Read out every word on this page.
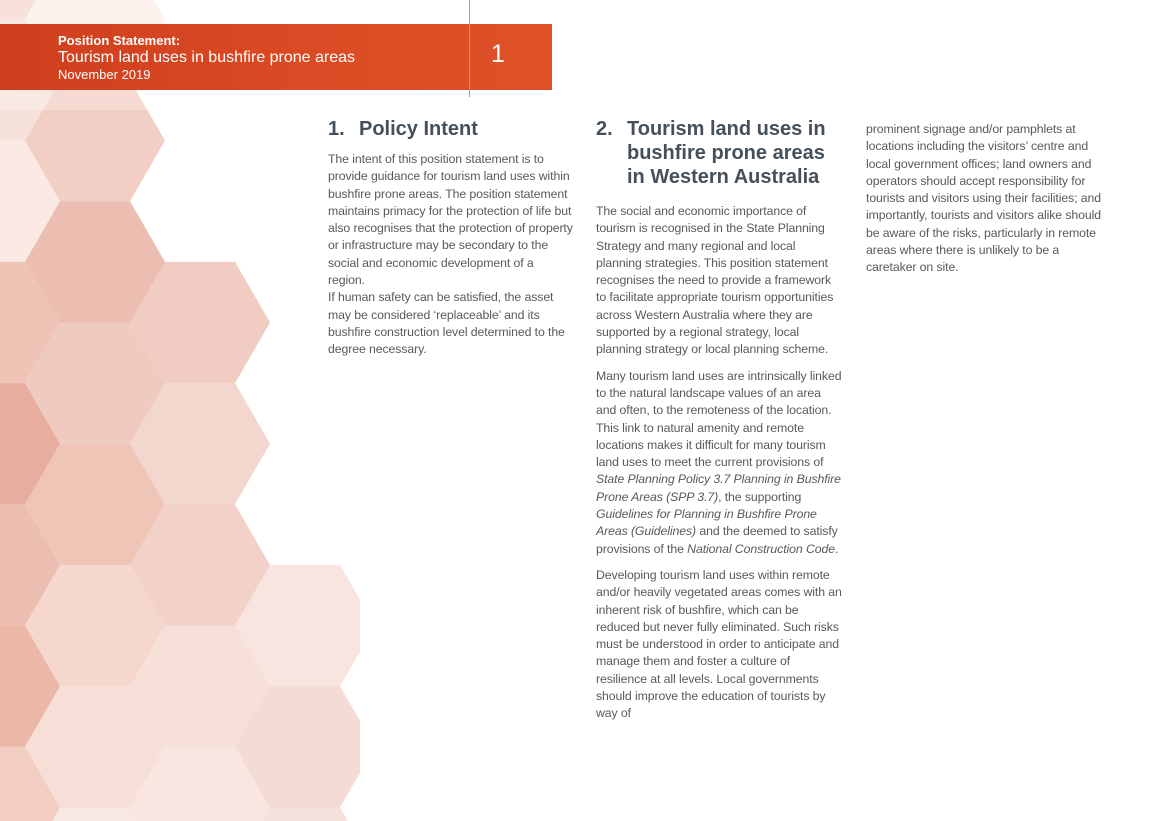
Position Statement:
Tourism land uses in bushfire prone areas
November 2019
1
1. Policy Intent

The intent of this position statement is to provide guidance for tourism land uses within bushfire prone areas. The position statement maintains primacy for the protection of life but also recognises that the protection of property or infrastructure may be secondary to the social and economic development of a region.

If human safety can be satisfied, the asset may be considered ‘replaceable’ and its bushfire construction level determined to the degree necessary.

2. Tourism land uses in bushfire prone areas in Western Australia

The social and economic importance of tourism is recognised in the State Planning Strategy and many regional and local planning strategies. This position statement recognises the need to provide a framework to facilitate appropriate tourism opportunities across Western Australia where they are supported by a regional strategy, local planning strategy or local planning scheme.

Many tourism land uses are intrinsically linked to the natural landscape values of an area and often, to the remoteness of the location. This link to natural amenity and remote locations makes it difficult for many tourism land uses to meet the current provisions of State Planning Policy 3.7 Planning in Bushfire Prone Areas (SPP 3.7), the supporting Guidelines for Planning in Bushfire Prone Areas (Guidelines) and the deemed to satisfy provisions of the National Construction Code.

Developing tourism land uses within remote and/or heavily vegetated areas comes with an inherent risk of bushfire, which can be reduced but never fully eliminated. Such risks must be understood in order to anticipate and manage them and foster a culture of resilience at all levels. Local governments should improve the education of tourists by way of

prominent signage and/or pamphlets at locations including the visitors’ centre and local government offices; land owners and operators should accept responsibility for tourists and visitors using their facilities; and importantly, tourists and visitors alike should be aware of the risks, particularly in remote areas where there is unlikely to be a caretaker on site.
